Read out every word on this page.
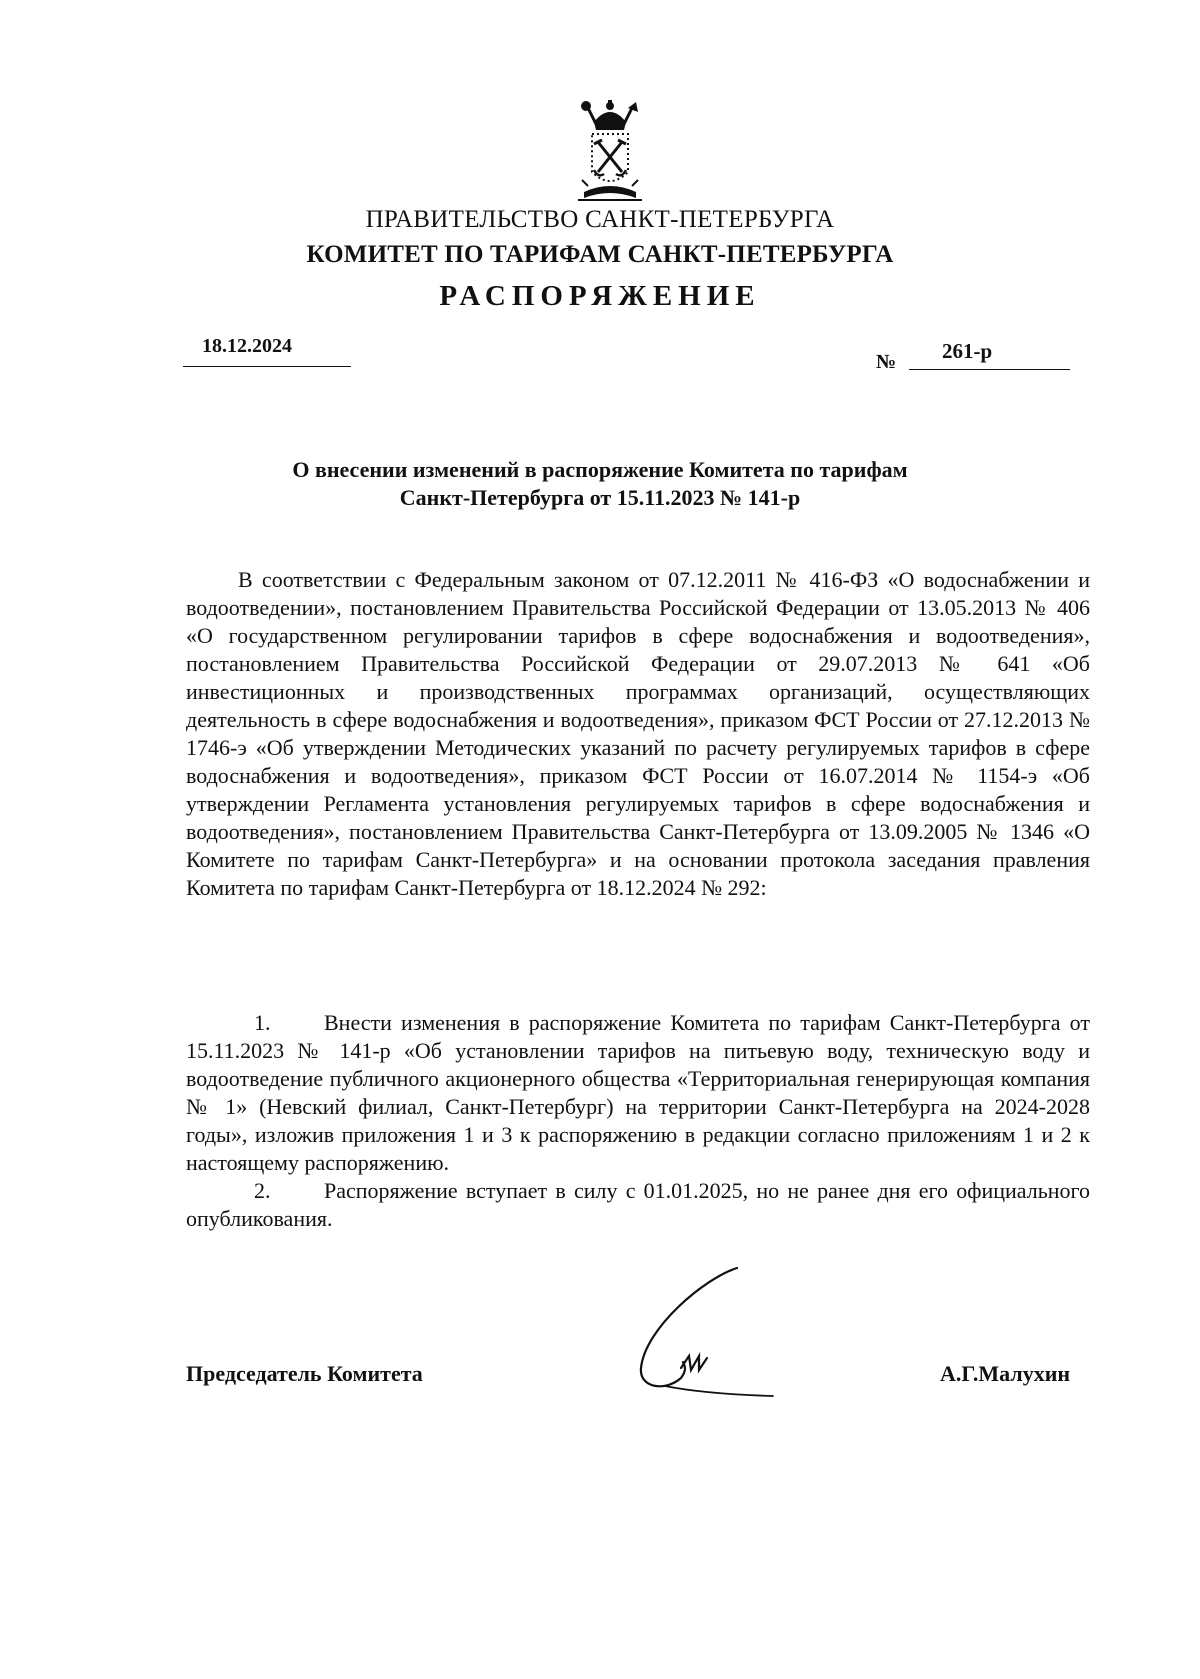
ПРАВИТЕЛЬСТВО САНКТ-ПЕТЕРБУРГА
КОМИТЕТ ПО ТАРИФАМ САНКТ-ПЕТЕРБУРГА
РАСПОРЯЖЕНИЕ
18.12.2024
№ 261-р
О внесении изменений в распоряжение Комитета по тарифам
Санкт-Петербурга от 15.11.2023 № 141-р

В соответствии с Федеральным законом от 07.12.2011 № 416-ФЗ «О водоснабжении и водоотведении», постановлением Правительства Российской Федерации от 13.05.2013 № 406 «О государственном регулировании тарифов в сфере водоснабжения и водоотведения», постановлением Правительства Российской Федерации от 29.07.2013 № 641 «Об инвестиционных и производственных программах организаций, осуществляющих деятельность в сфере водоснабжения и водоотведения», приказом ФСТ России от 27.12.2013 № 1746-э «Об утверждении Методических указаний по расчету регулируемых тарифов в сфере водоснабжения и водоотведения», приказом ФСТ России от 16.07.2014 № 1154-э «Об утверждении Регламента установления регулируемых тарифов в сфере водоснабжения и водоотведения», постановлением Правительства Санкт-Петербурга от 13.09.2005 № 1346 «О Комитете по тарифам Санкт-Петербурга» и на основании протокола заседания правления Комитета по тарифам Санкт-Петербурга от 18.12.2024 № 292:

1. Внести изменения в распоряжение Комитета по тарифам Санкт-Петербурга от 15.11.2023 № 141-р «Об установлении тарифов на питьевую воду, техническую воду и водоотведение публичного акционерного общества «Территориальная генерирующая компания № 1» (Невский филиал, Санкт-Петербург) на территории Санкт-Петербурга на 2024-2028 годы», изложив приложения 1 и 3 к распоряжению в редакции согласно приложениям 1 и 2 к настоящему распоряжению.

2. Распоряжение вступает в силу с 01.01.2025, но не ранее дня его официального опубликования.

Председатель Комитета	А.Г.Малухин
